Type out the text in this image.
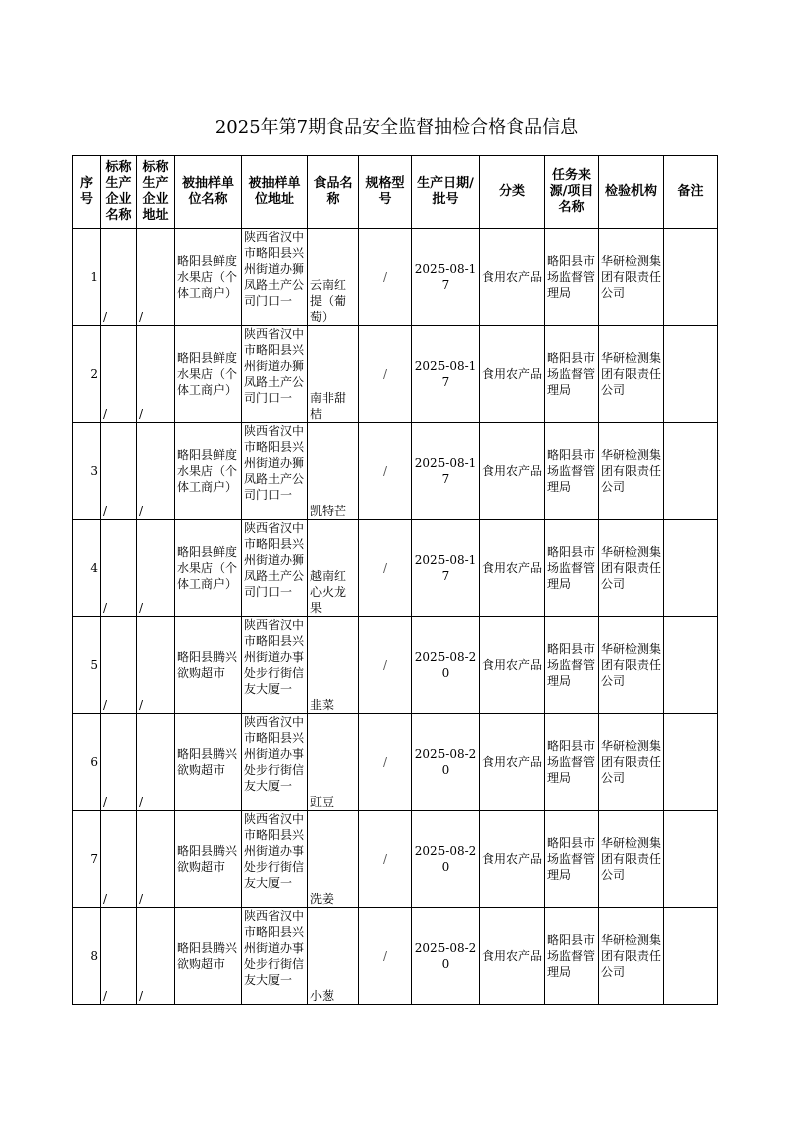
2025年第7期食品安全监督抽检合格食品信息
序号	标称生产企业名称	标称生产企业地址	被抽样单位名称	被抽样单位地址	食品名称	规格型号	生产日期/批号	分类	任务来源/项目名称	检验机构	备注
1	/	/	略阳县鲜度水果店（个体工商户）	陕西省汉中市略阳县兴州街道办狮凤路土产公司门口一	云南红提（葡萄）	/	2025-08-17	食用农产品	略阳县市场监督管理局	华研检测集团有限责任公司	
2	/	/	略阳县鲜度水果店（个体工商户）	陕西省汉中市略阳县兴州街道办狮凤路土产公司门口一	南非甜桔	/	2025-08-17	食用农产品	略阳县市场监督管理局	华研检测集团有限责任公司	
3	/	/	略阳县鲜度水果店（个体工商户）	陕西省汉中市略阳县兴州街道办狮凤路土产公司门口一	凯特芒	/	2025-08-17	食用农产品	略阳县市场监督管理局	华研检测集团有限责任公司	
4	/	/	略阳县鲜度水果店（个体工商户）	陕西省汉中市略阳县兴州街道办狮凤路土产公司门口一	越南红心火龙果	/	2025-08-17	食用农产品	略阳县市场监督管理局	华研检测集团有限责任公司	
5	/	/	略阳县腾兴欲购超市	陕西省汉中市略阳县兴州街道办事处步行街信友大厦一	韭菜	/	2025-08-20	食用农产品	略阳县市场监督管理局	华研检测集团有限责任公司	
6	/	/	略阳县腾兴欲购超市	陕西省汉中市略阳县兴州街道办事处步行街信友大厦一	豇豆	/	2025-08-20	食用农产品	略阳县市场监督管理局	华研检测集团有限责任公司	
7	/	/	略阳县腾兴欲购超市	陕西省汉中市略阳县兴州街道办事处步行街信友大厦一	洗姜	/	2025-08-20	食用农产品	略阳县市场监督管理局	华研检测集团有限责任公司	
8	/	/	略阳县腾兴欲购超市	陕西省汉中市略阳县兴州街道办事处步行街信友大厦一	小葱	/	2025-08-20	食用农产品	略阳县市场监督管理局	华研检测集团有限责任公司	
